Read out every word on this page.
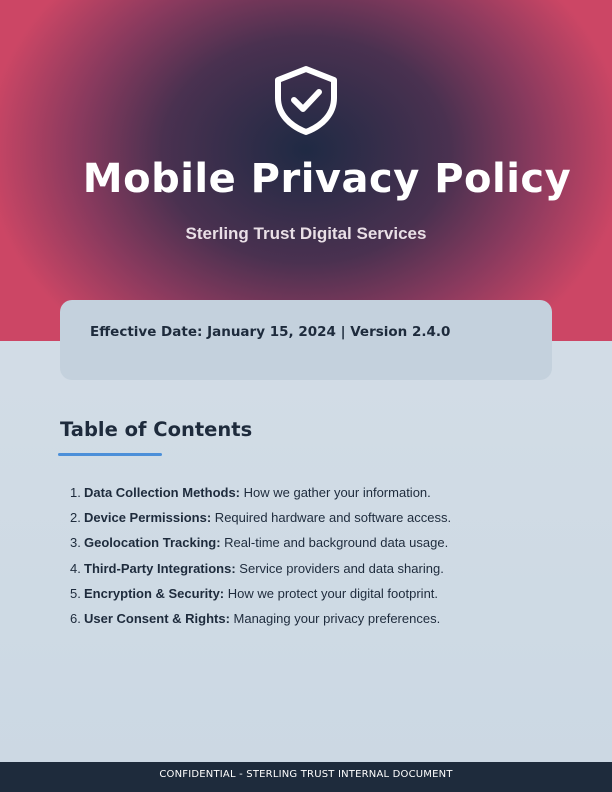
Mobile Privacy Policy
Sterling Trust Digital Services
Effective Date: January 15, 2024 | Version 2.4.0
Table of Contents
1. Data Collection Methods: How we gather your information.
2. Device Permissions: Required hardware and software access.
3. Geolocation Tracking: Real-time and background data usage.
4. Third-Party Integrations: Service providers and data sharing.
5. Encryption & Security: How we protect your digital footprint.
6. User Consent & Rights: Managing your privacy preferences.
CONFIDENTIAL - STERLING TRUST INTERNAL DOCUMENT
